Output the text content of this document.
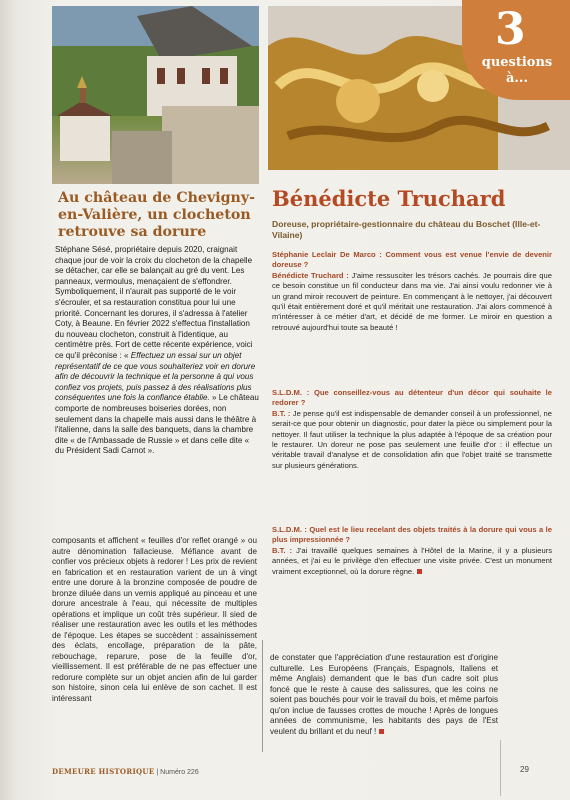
3
questions à...
Au château de Chevigny-en-Valière, un clocheton retrouve sa dorure

Stéphane Sésé, propriétaire depuis 2020, craignait chaque jour de voir la croix du clocheton de la chapelle se détacher, car elle se balançait au gré du vent. Les panneaux, vermoulus, menaçaient de s'effondrer. Symboliquement, il n'aurait pas supporté de le voir s'écrouler, et sa restauration constitua pour lui une priorité. Concernant les dorures, il s'adressa à l'atelier Coty, à Beaune. En février 2022 s'effectua l'installation du nouveau clocheton, construit à l'identique, au centimètre près. Fort de cette récente expérience, voici ce qu'il préconise : « Effectuez un essai sur un objet représentatif de ce que vous souhaiteriez voir en dorure afin de découvrir la technique et la personne à qui vous confiez vos projets, puis passez à des réalisations plus conséquentes une fois la confiance établie. » Le château comporte de nombreuses boiseries dorées, non seulement dans la chapelle mais aussi dans le théâtre à l'italienne, dans la salle des banquets, dans la chambre dite « de l'Ambassade de Russie » et dans celle dite « du Président Sadi Carnot ».

Bénédicte Truchard
Doreuse, propriétaire-gestionnaire du château du Boschet (Ille-et-Vilaine)

Stéphanie Leclair De Marco : Comment vous est venue l'envie de devenir doreuse ?

Bénédicte Truchard : J'aime ressusciter les trésors cachés. Je pourrais dire que ce besoin constitue un fil conducteur dans ma vie. J'ai ainsi voulu redonner vie à un grand miroir recouvert de peinture. En commençant à le nettoyer, j'ai découvert qu'il était entièrement doré et qu'il méritait une restauration. J'ai alors commencé à m'intéresser à ce métier d'art, et décidé de me former. Le miroir en question a retrouvé aujourd'hui toute sa beauté !

S.L.D.M. : Que conseillez-vous au détenteur d'un décor qui souhaite le redorer ?

B.T. : Je pense qu'il est indispensable de demander conseil à un professionnel, ne serait-ce que pour obtenir un diagnostic, pour dater la pièce ou simplement pour la nettoyer. Il faut utiliser la technique la plus adaptée à l'époque de sa création pour le restaurer. Un doreur ne pose pas seulement une feuille d'or : il effectue un véritable travail d'analyse et de consolidation afin que l'objet traité se transmette sur plusieurs générations.

S.L.D.M. : Quel est le lieu recelant des objets traités à la dorure qui vous a le plus impressionnée ?

B.T. : J'ai travaillé quelques semaines à l'Hôtel de la Marine, il y a plusieurs années, et j'ai eu le privilège d'en effectuer une visite privée. C'est un monument vraiment exceptionnel, où la dorure règne.

composants et affichent « feuilles d'or reflet orangé » ou autre dénomination fallacieuse. Méfiance avant de confier vos précieux objets à redorer ! Les prix de revient en fabrication et en restauration varient de un à vingt entre une dorure à la bronzine composée de poudre de bronze diluée dans un vernis appliqué au pinceau et une dorure ancestrale à l'eau, qui nécessite de multiples opérations et implique un coût très supérieur. Il sied de réaliser une restauration avec les outils et les méthodes de l'époque. Les étapes se succèdent : assainissement des éclats, encollage, préparation de la pâte, rebouchage, reparure, pose de la feuille d'or, vieillissement. Il est préférable de ne pas effectuer une redorure complète sur un objet ancien afin de lui garder son histoire, sinon cela lui enlève de son cachet. Il est intéressant

de constater que l'appréciation d'une restauration est d'origine culturelle. Les Européens (Français, Espagnols, Italiens et même Anglais) demandent que le bas d'un cadre soit plus foncé que le reste à cause des salissures, que les coins ne soient pas bouchés pour voir le travail du bois, et même parfois qu'on inclue de fausses crottes de mouche ! Après de longues années de communisme, les habitants des pays de l'Est veulent du brillant et du neuf !

DEMEURE HISTORIQUE | Numéro 226	29
